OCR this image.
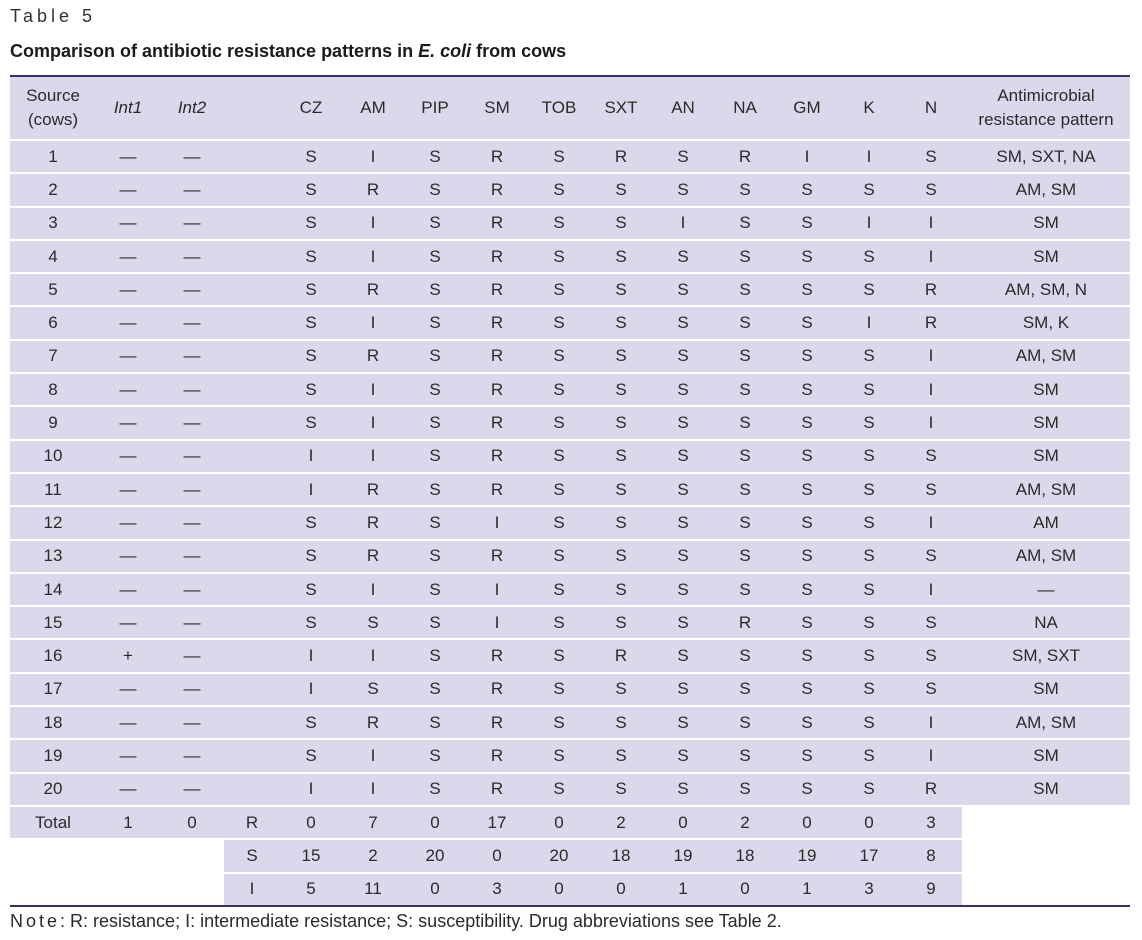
Table 5
Comparison of antibiotic resistance patterns in E. coli from cows
Source (cows)	Int1	Int2		CZ	AM	PIP	SM	TOB	SXT	AN	NA	GM	K	N	Antimicrobial resistance pattern
1	—	—		S	I	S	R	S	R	S	R	I	I	S	SM, SXT, NA
2	—	—		S	R	S	R	S	S	S	S	S	S	S	AM, SM
3	—	—		S	I	S	R	S	S	I	S	S	I	I	SM
4	—	—		S	I	S	R	S	S	S	S	S	S	I	SM
5	—	—		S	R	S	R	S	S	S	S	S	S	R	AM, SM, N
6	—	—		S	I	S	R	S	S	S	S	S	I	R	SM, K
7	—	—		S	R	S	R	S	S	S	S	S	S	I	AM, SM
8	—	—		S	I	S	R	S	S	S	S	S	S	I	SM
9	—	—		S	I	S	R	S	S	S	S	S	S	I	SM
10	—	—		I	I	S	R	S	S	S	S	S	S	S	SM
11	—	—		I	R	S	R	S	S	S	S	S	S	S	AM, SM
12	—	—		S	R	S	I	S	S	S	S	S	S	I	AM
13	—	—		S	R	S	R	S	S	S	S	S	S	S	AM, SM
14	—	—		S	I	S	I	S	S	S	S	S	S	I	—
15	—	—		S	S	S	I	S	S	S	R	S	S	S	NA
16	+	—		I	I	S	R	S	R	S	S	S	S	S	SM, SXT
17	—	—		I	S	S	R	S	S	S	S	S	S	S	SM
18	—	—		S	R	S	R	S	S	S	S	S	S	I	AM, SM
19	—	—		S	I	S	R	S	S	S	S	S	S	I	SM
20	—	—		I	I	S	R	S	S	S	S	S	S	R	SM
Total	1	0	R	0	7	0	17	0	2	0	2	0	0	3	
			S	15	2	20	0	20	18	19	18	19	17	8	
			I	5	11	0	3	0	0	1	0	1	3	9	
Note: R: resistance; I: intermediate resistance; S: susceptibility. Drug abbreviations see Table 2.
